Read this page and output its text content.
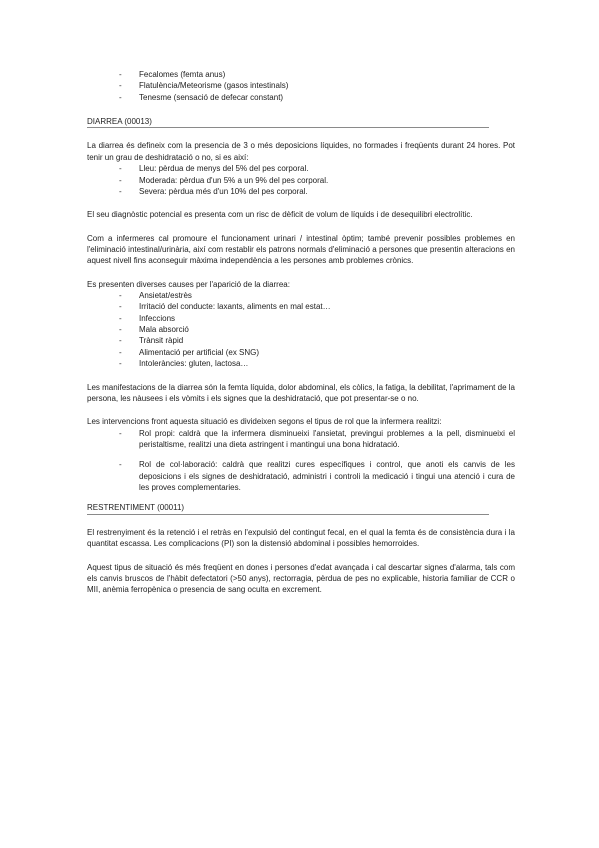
- Fecalomes (femta anus)
- Flatulència/Meteorisme (gasos intestinals)
- Tenesme (sensació de defecar constant)
DIARREA (00013)

La diarrea és defineix com la presencia de 3 o més deposicions líquides, no formades i freqüents durant 24 hores. Pot tenir un grau de deshidratació o no, si es així:

- Lleu: pèrdua de menys del 5% del pes corporal.
- Moderada: pèrdua d'un 5% a un 9% del pes corporal.
- Severa: pèrdua més d'un 10% del pes corporal.

El seu diagnòstic potencial es presenta com un risc de dèficit de volum de líquids i de desequilibri electrolític.

Com a infermeres cal promoure el funcionament urinari / intestinal òptim; també prevenir possibles problemes en l'eliminació intestinal/urinària, així com restablir els patrons normals d'eliminació a persones que presentin alteracions en aquest nivell fins aconseguir màxima independència a les persones amb problemes crònics.

Es presenten diverses causes per l'aparició de la diarrea:

- Ansietat/estrès
- Irritació del conducte: laxants, aliments en mal estat…
- Infeccions
- Mala absorció
- Trànsit ràpid
- Alimentació per artificial (ex SNG)
- Intoleràncies: gluten, lactosa…

Les manifestacions de la diarrea són la femta líquida, dolor abdominal, els còlics, la fatiga, la debilitat, l'aprimament de la persona, les nàusees i els vòmits i els signes que la deshidratació, que pot presentar-se o no.

Les intervencions front aquesta situació es divideixen segons el tipus de rol que la infermera realitzi:

- Rol propi: caldrà que la infermera disminueixi l'ansietat, previngui problemes a la pell, disminueixi el peristaltisme, realitzi una dieta astringent i mantingui una bona hidratació.
- Rol de col·laboració: caldrà que realitzi cures específiques i control, que anoti els canvis de les deposicions i els signes de deshidratació, administri i controli la medicació i tingui una atenció i cura de les proves complementaries.
RESTRENTIMENT (00011)

El restrenyiment és la retenció i el retràs en l'expulsió del contingut fecal, en el qual la femta és de consistència dura i la quantitat escassa. Les complicacions (PI) son la distensió abdominal i possibles hemorroides.

Aquest tipus de situació és més freqüent en dones i persones d'edat avançada i cal descartar signes d'alarma, tals com els canvis bruscos de l'hàbit defectatori (>50 anys), rectorragia, pèrdua de pes no explicable, historia familiar de CCR o MII, anèmia ferropènica o presencia de sang oculta en excrement.
